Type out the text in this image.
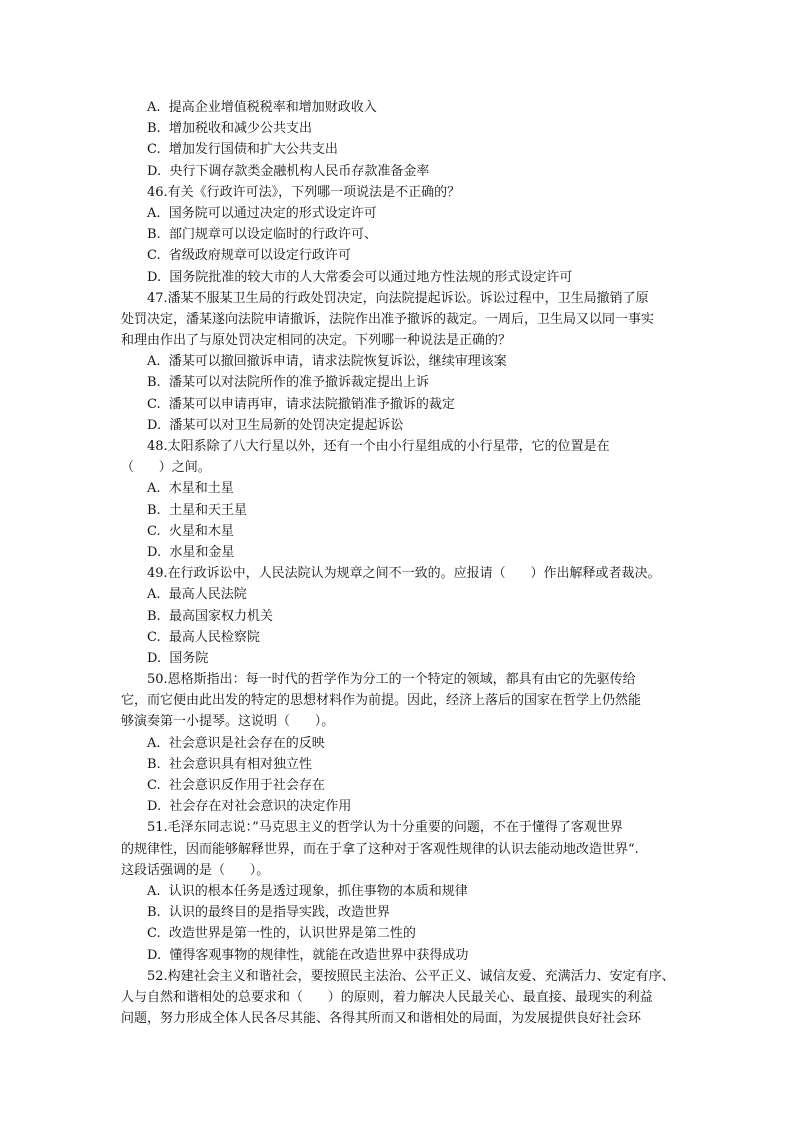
A.  提高企业增值税税率和增加财政收入
B.  增加税收和减少公共支出
C.  增加发行国债和扩大公共支出
D.  央行下调存款类金融机构人民币存款准备金率
46.有关《行政许可法》，下列哪一项说法是不正确的？
A.  国务院可以通过决定的形式设定许可
B.  部门规章可以设定临时的行政许可、
C.  省级政府规章可以设定行政许可
D.  国务院批准的较大市的人大常委会可以通过地方性法规的形式设定许可
47.潘某不服某卫生局的行政处罚决定，向法院提起诉讼。诉讼过程中，卫生局撤销了原
处罚决定，潘某遂向法院申请撤诉，法院作出准予撤诉的裁定。一周后，卫生局又以同一事实
和理由作出了与原处罚决定相同的决定。下列哪一种说法是正确的？
A.  潘某可以撤回撤诉申请，请求法院恢复诉讼，继续审理该案
B.  潘某可以对法院所作的准予撤诉裁定提出上诉
C.  潘某可以申请再审，请求法院撤销准予撤诉的裁定
D.  潘某可以对卫生局新的处罚决定提起诉讼
48.太阳系除了八大行星以外，还有一个由小行星组成的小行星带，它的位置是在
（      ）之间。
A.  木星和土星
B.  土星和天王星
C.  火星和木星
D.  水星和金星
49.在行政诉讼中，人民法院认为规章之间不一致的。应报请（      ）作出解释或者裁决。
A.  最高人民法院
B.  最高国家权力机关
C.  最高人民检察院
D.  国务院
50.恩格斯指出：每一时代的哲学作为分工的一个特定的领域，都具有由它的先驱传给
它，而它便由此出发的特定的思想材料作为前提。因此，经济上落后的国家在哲学上仍然能
够演奏第一小提琴。这说明（      ）。
A.  社会意识是社会存在的反映
B.  社会意识具有相对独立性
C.  社会意识反作用于社会存在
D.  社会存在对社会意识的决定作用
51.毛泽东同志说：”马克思主义的哲学认为十分重要的问题，不在于懂得了客观世界
的规律性，因而能够解释世界，而在于拿了这种对于客观性规律的认识去能动地改造世界“.
这段话强调的是（      ）。
A.  认识的根本任务是透过现象，抓住事物的本质和规律
B.  认识的最终目的是指导实践，改造世界
C.  改造世界是第一性的，认识世界是第二性的
D.  懂得客观事物的规律性，就能在改造世界中获得成功
52.构建社会主义和谐社会，要按照民主法治、公平正义、诚信友爱、充满活力、安定有序、
人与自然和谐相处的总要求和（      ）的原则，着力解决人民最关心、最直接、最现实的利益
问题，努力形成全体人民各尽其能、各得其所而又和谐相处的局面，为发展提供良好社会环
